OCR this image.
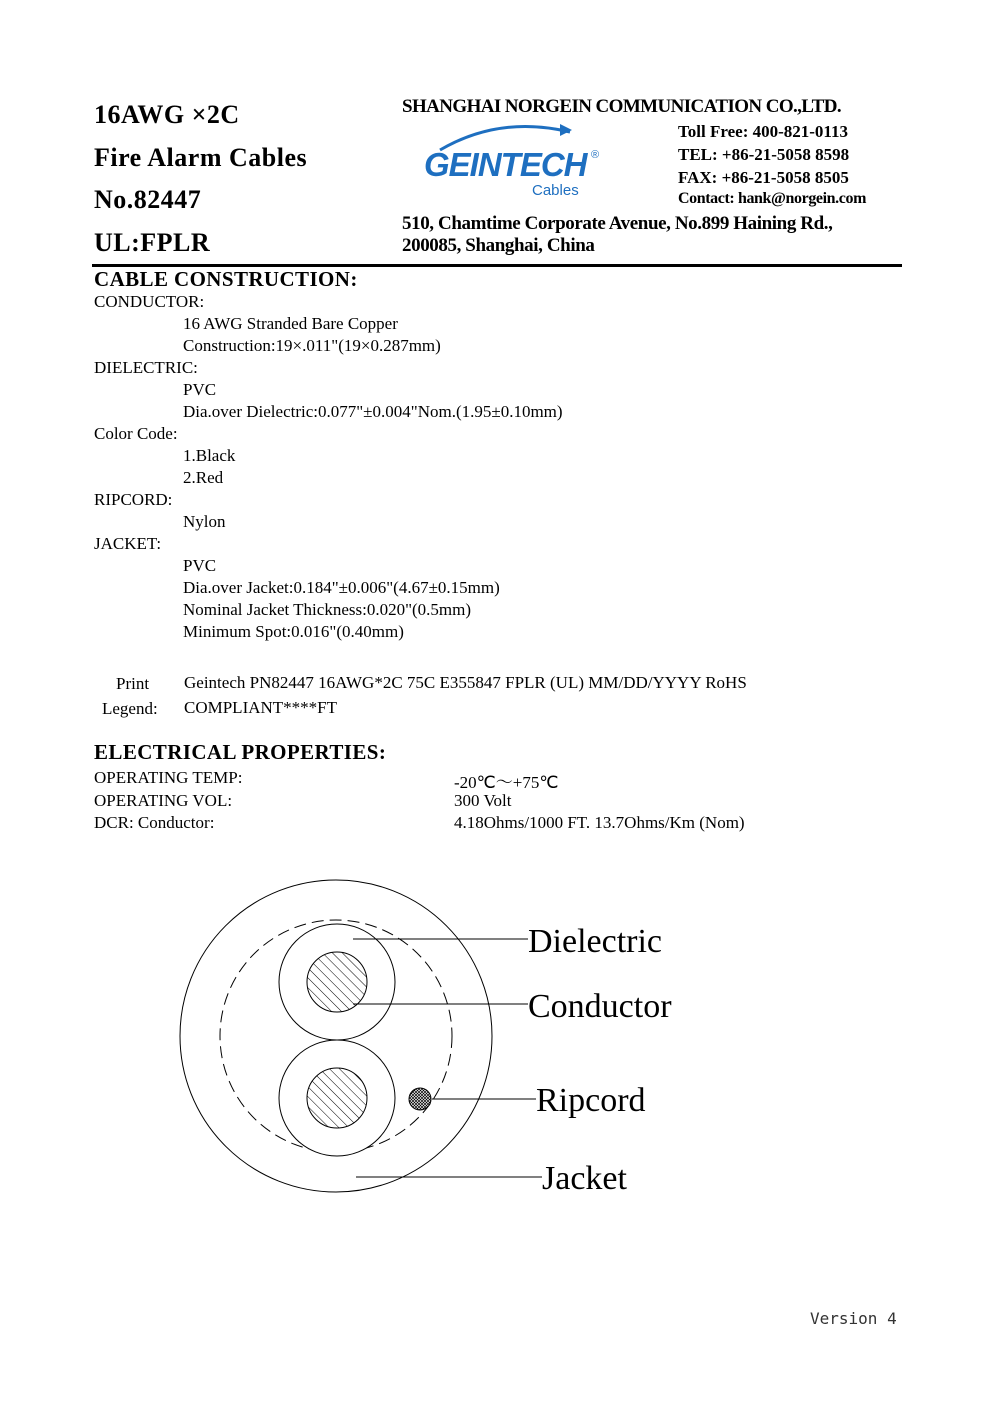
16AWG ×2C
Fire Alarm Cables
No.82447
UL:FPLR
SHANGHAI NORGEIN COMMUNICATION CO.,LTD.
GEINTECH ®
Cables
Toll Free: 400-821-0113
TEL: +86-21-5058 8598
FAX: +86-21-5058 8505
Contact: hank@norgein.com
510, Chamtime Corporate Avenue, No.899 Haining Rd.,
200085, Shanghai, China
CABLE CONSTRUCTION:
CONDUCTOR:
16 AWG Stranded Bare Copper
Construction:19×.011"(19×0.287mm)
DIELECTRIC:
PVC
Dia.over Dielectric:0.077"±0.004"Nom.(1.95±0.10mm)
Color Code:
1.Black
2.Red
RIPCORD:
Nylon
JACKET:
PVC
Dia.over Jacket:0.184"±0.006"(4.67±0.15mm)
Nominal Jacket Thickness:0.020"(0.5mm)
Minimum Spot:0.016"(0.40mm)
Print
Legend:
Geintech PN82447 16AWG*2C 75C E355847 FPLR (UL) MM/DD/YYYY RoHS
COMPLIANT****FT
ELECTRICAL PROPERTIES:
OPERATING TEMP:	-20℃～+75℃
OPERATING VOL:	300 Volt
DCR: Conductor:	4.18Ohms/1000 FT. 13.7Ohms/Km (Nom)
Dielectric
Conductor
Ripcord
Jacket
Version 4
